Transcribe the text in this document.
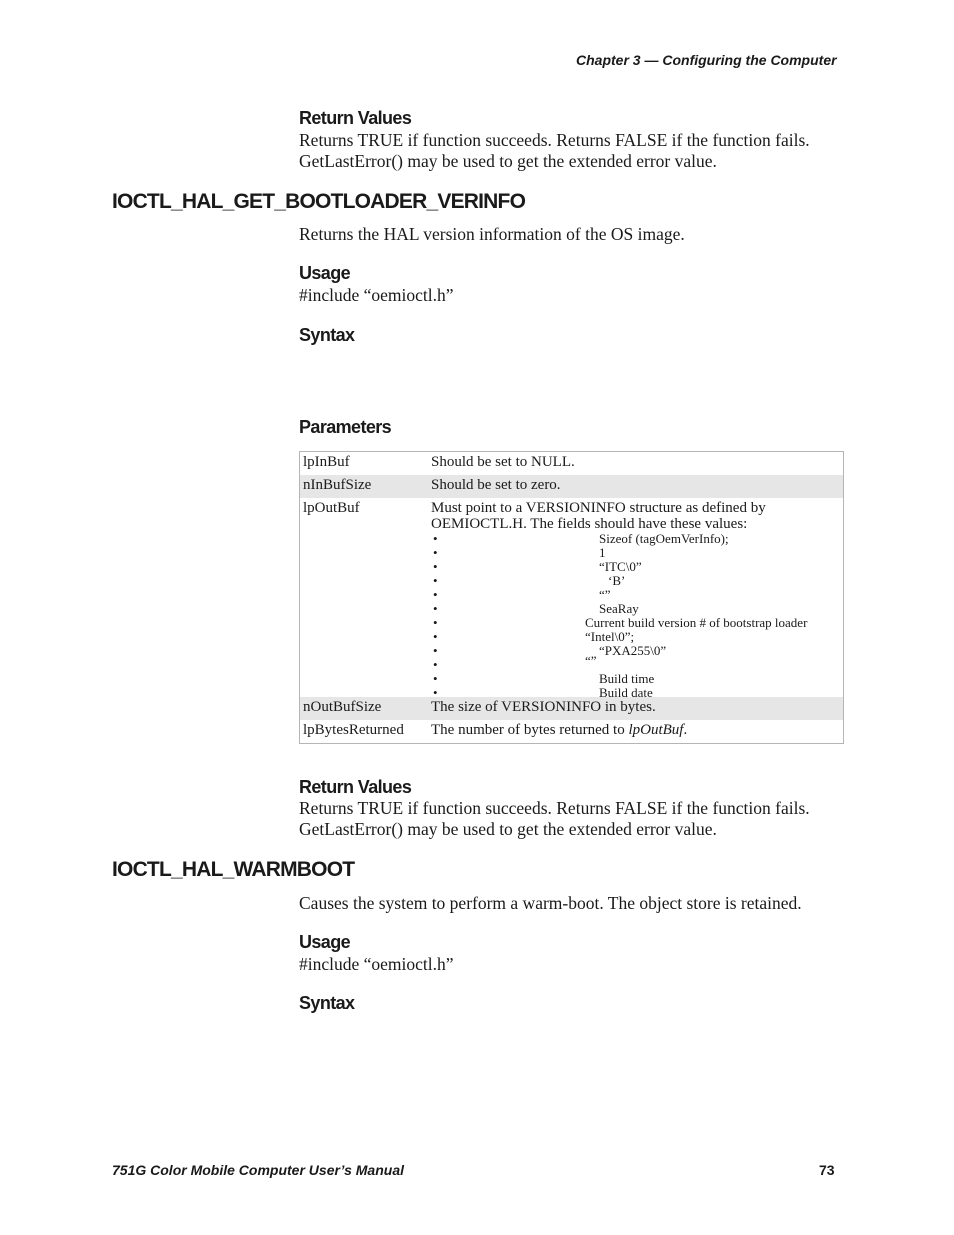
Chapter 3 — Configuring the Computer
Return Values
Returns TRUE if function succeeds. Returns FALSE if the function fails.
GetLastError() may be used to get the extended error value.
IOCTL_HAL_GET_BOOTLOADER_VERINFO
Returns the HAL version information of the OS image.
Usage
#include “oemioctl.h”
Syntax
Parameters
lpInBuf	Should be set to NULL.
nInBufSize	Should be set to zero.
lpOutBuf	Must point to a VERSIONINFO structure as defined by
OEMIOCTL.H. The fields should have these values:
•	Sizeof (tagOemVerInfo);
•	1
•	“ITC\0”
•	‘B’
•	“”
•	SeaRay
•	Current build version # of bootstrap loader
•	“Intel\0”;
•	“PXA255\0”
•	“”
•	Build time
•	Build date
nOutBufSize	The size of VERSIONINFO in bytes.
lpBytesReturned	The number of bytes returned to lpOutBuf.
Return Values
Returns TRUE if function succeeds. Returns FALSE if the function fails.
GetLastError() may be used to get the extended error value.
IOCTL_HAL_WARMBOOT
Causes the system to perform a warm-boot. The object store is retained.
Usage
#include “oemioctl.h”
Syntax
751G Color Mobile Computer User’s Manual	73
